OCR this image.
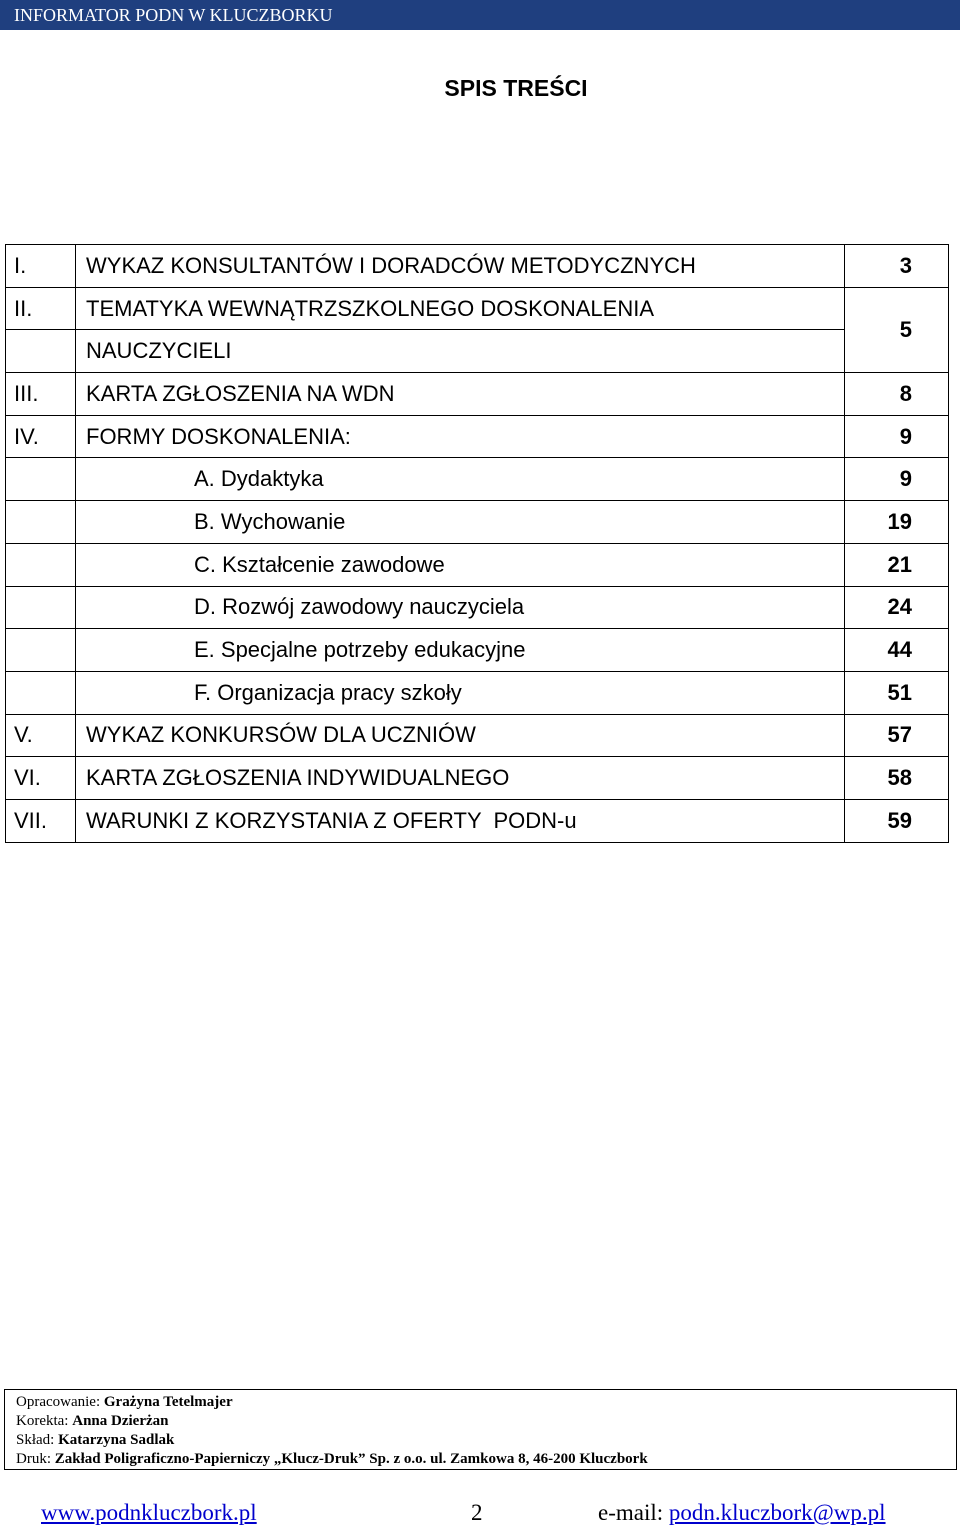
INFORMATOR PODN W KLUCZBORKU
SPIS TREŚCI
I.	WYKAZ KONSULTANTÓW I DORADCÓW METODYCZNYCH	3
II.	TEMATYKA WEWNĄTRZSZKOLNEGO DOSKONALENIA	5
	NAUCZYCIELI	
III.	KARTA ZGŁOSZENIA NA WDN	8
IV.	FORMY DOSKONALENIA:	9
	A. Dydaktyka	9
	B. Wychowanie	19
	C. Kształcenie zawodowe	21
	D. Rozwój zawodowy nauczyciela	24
	E. Specjalne potrzeby edukacyjne	44
	F. Organizacja pracy szkoły	51
V.	WYKAZ KONKURSÓW DLA UCZNIÓW	57
VI.	KARTA ZGŁOSZENIA INDYWIDUALNEGO	58
VII.	WARUNKI Z KORZYSTANIA Z OFERTY  PODN-u	59
Opracowanie: Grażyna Tetelmajer
Korekta: Anna Dzierżan
Skład: Katarzyna Sadlak
Druk: Zakład Poligraficzno-Papierniczy „Klucz-Druk” Sp. z o.o. ul. Zamkowa 8, 46-200 Kluczbork
www.podnkluczbork.pl	2	e-mail: podn.kluczbork@wp.pl
